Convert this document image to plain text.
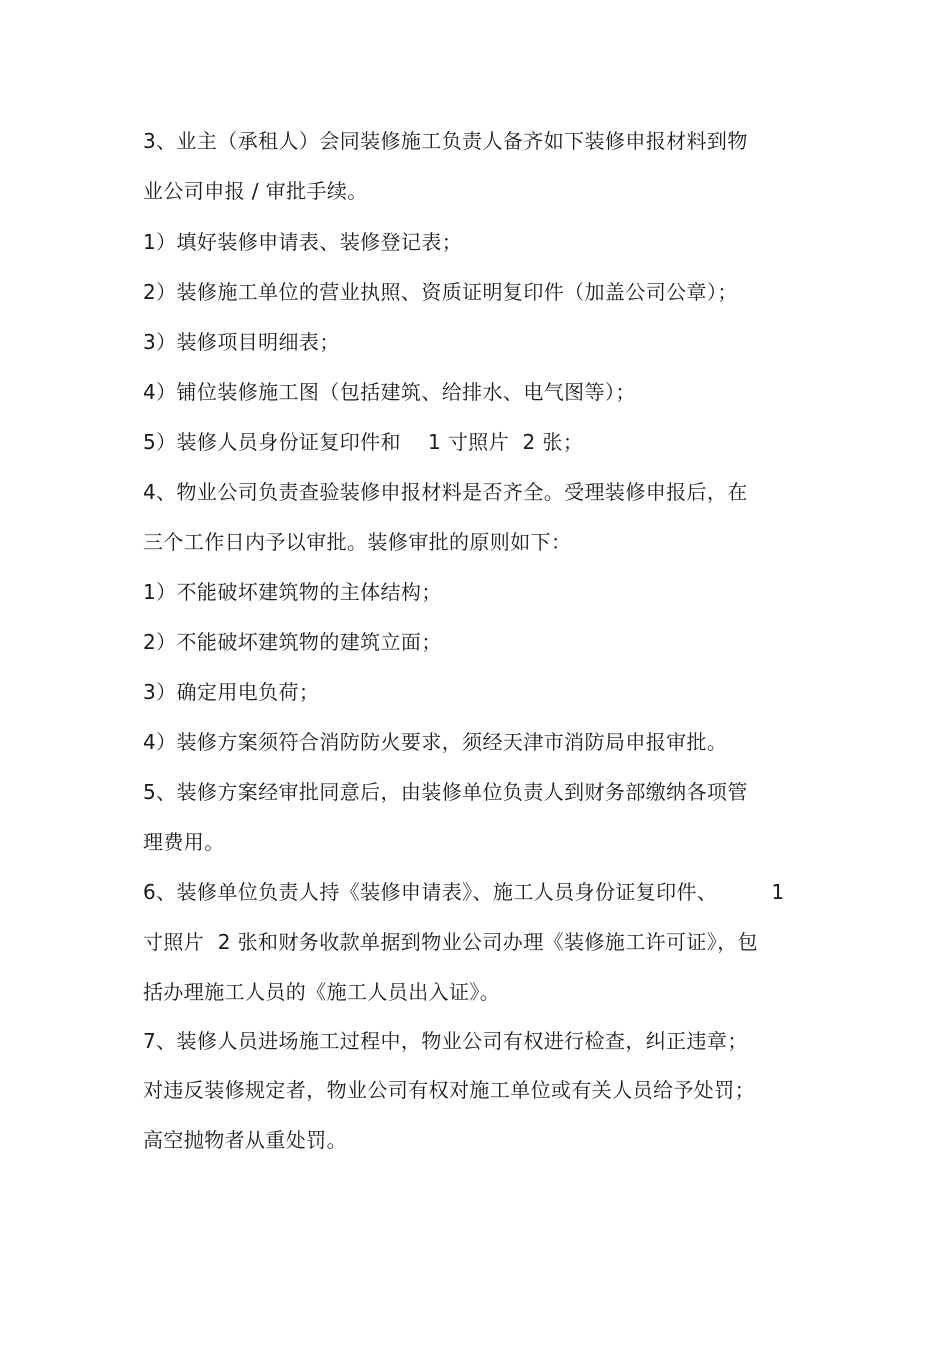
3、业主（承租人）会同装修施工负责人备齐如下装修申报材料到物
业公司申报 / 审批手续。
1）填好装修申请表、装修登记表；
2）装修施工单位的营业执照、资质证明复印件（加盖公司公章）；
3）装修项目明细表；
4）铺位装修施工图（包括建筑、给排水、电气图等）；
5）装修人员身份证复印件和    1 寸照片  2 张；
4、物业公司负责查验装修申报材料是否齐全。受理装修申报后，在
三个工作日内予以审批。装修审批的原则如下：
1）不能破坏建筑物的主体结构；
2）不能破坏建筑物的建筑立面；
3）确定用电负荷；
4）装修方案须符合消防防火要求，须经天津市消防局申报审批。
5、装修方案经审批同意后，由装修单位负责人到财务部缴纳各项管
理费用。
6、装修单位负责人持《装修申请表》、施工人员身份证复印件、        1
寸照片  2 张和财务收款单据到物业公司办理《装修施工许可证》，包
括办理施工人员的《施工人员出入证》。
7、装修人员进场施工过程中，物业公司有权进行检查，纠正违章；
对违反装修规定者，物业公司有权对施工单位或有关人员给予处罚；
高空抛物者从重处罚。
